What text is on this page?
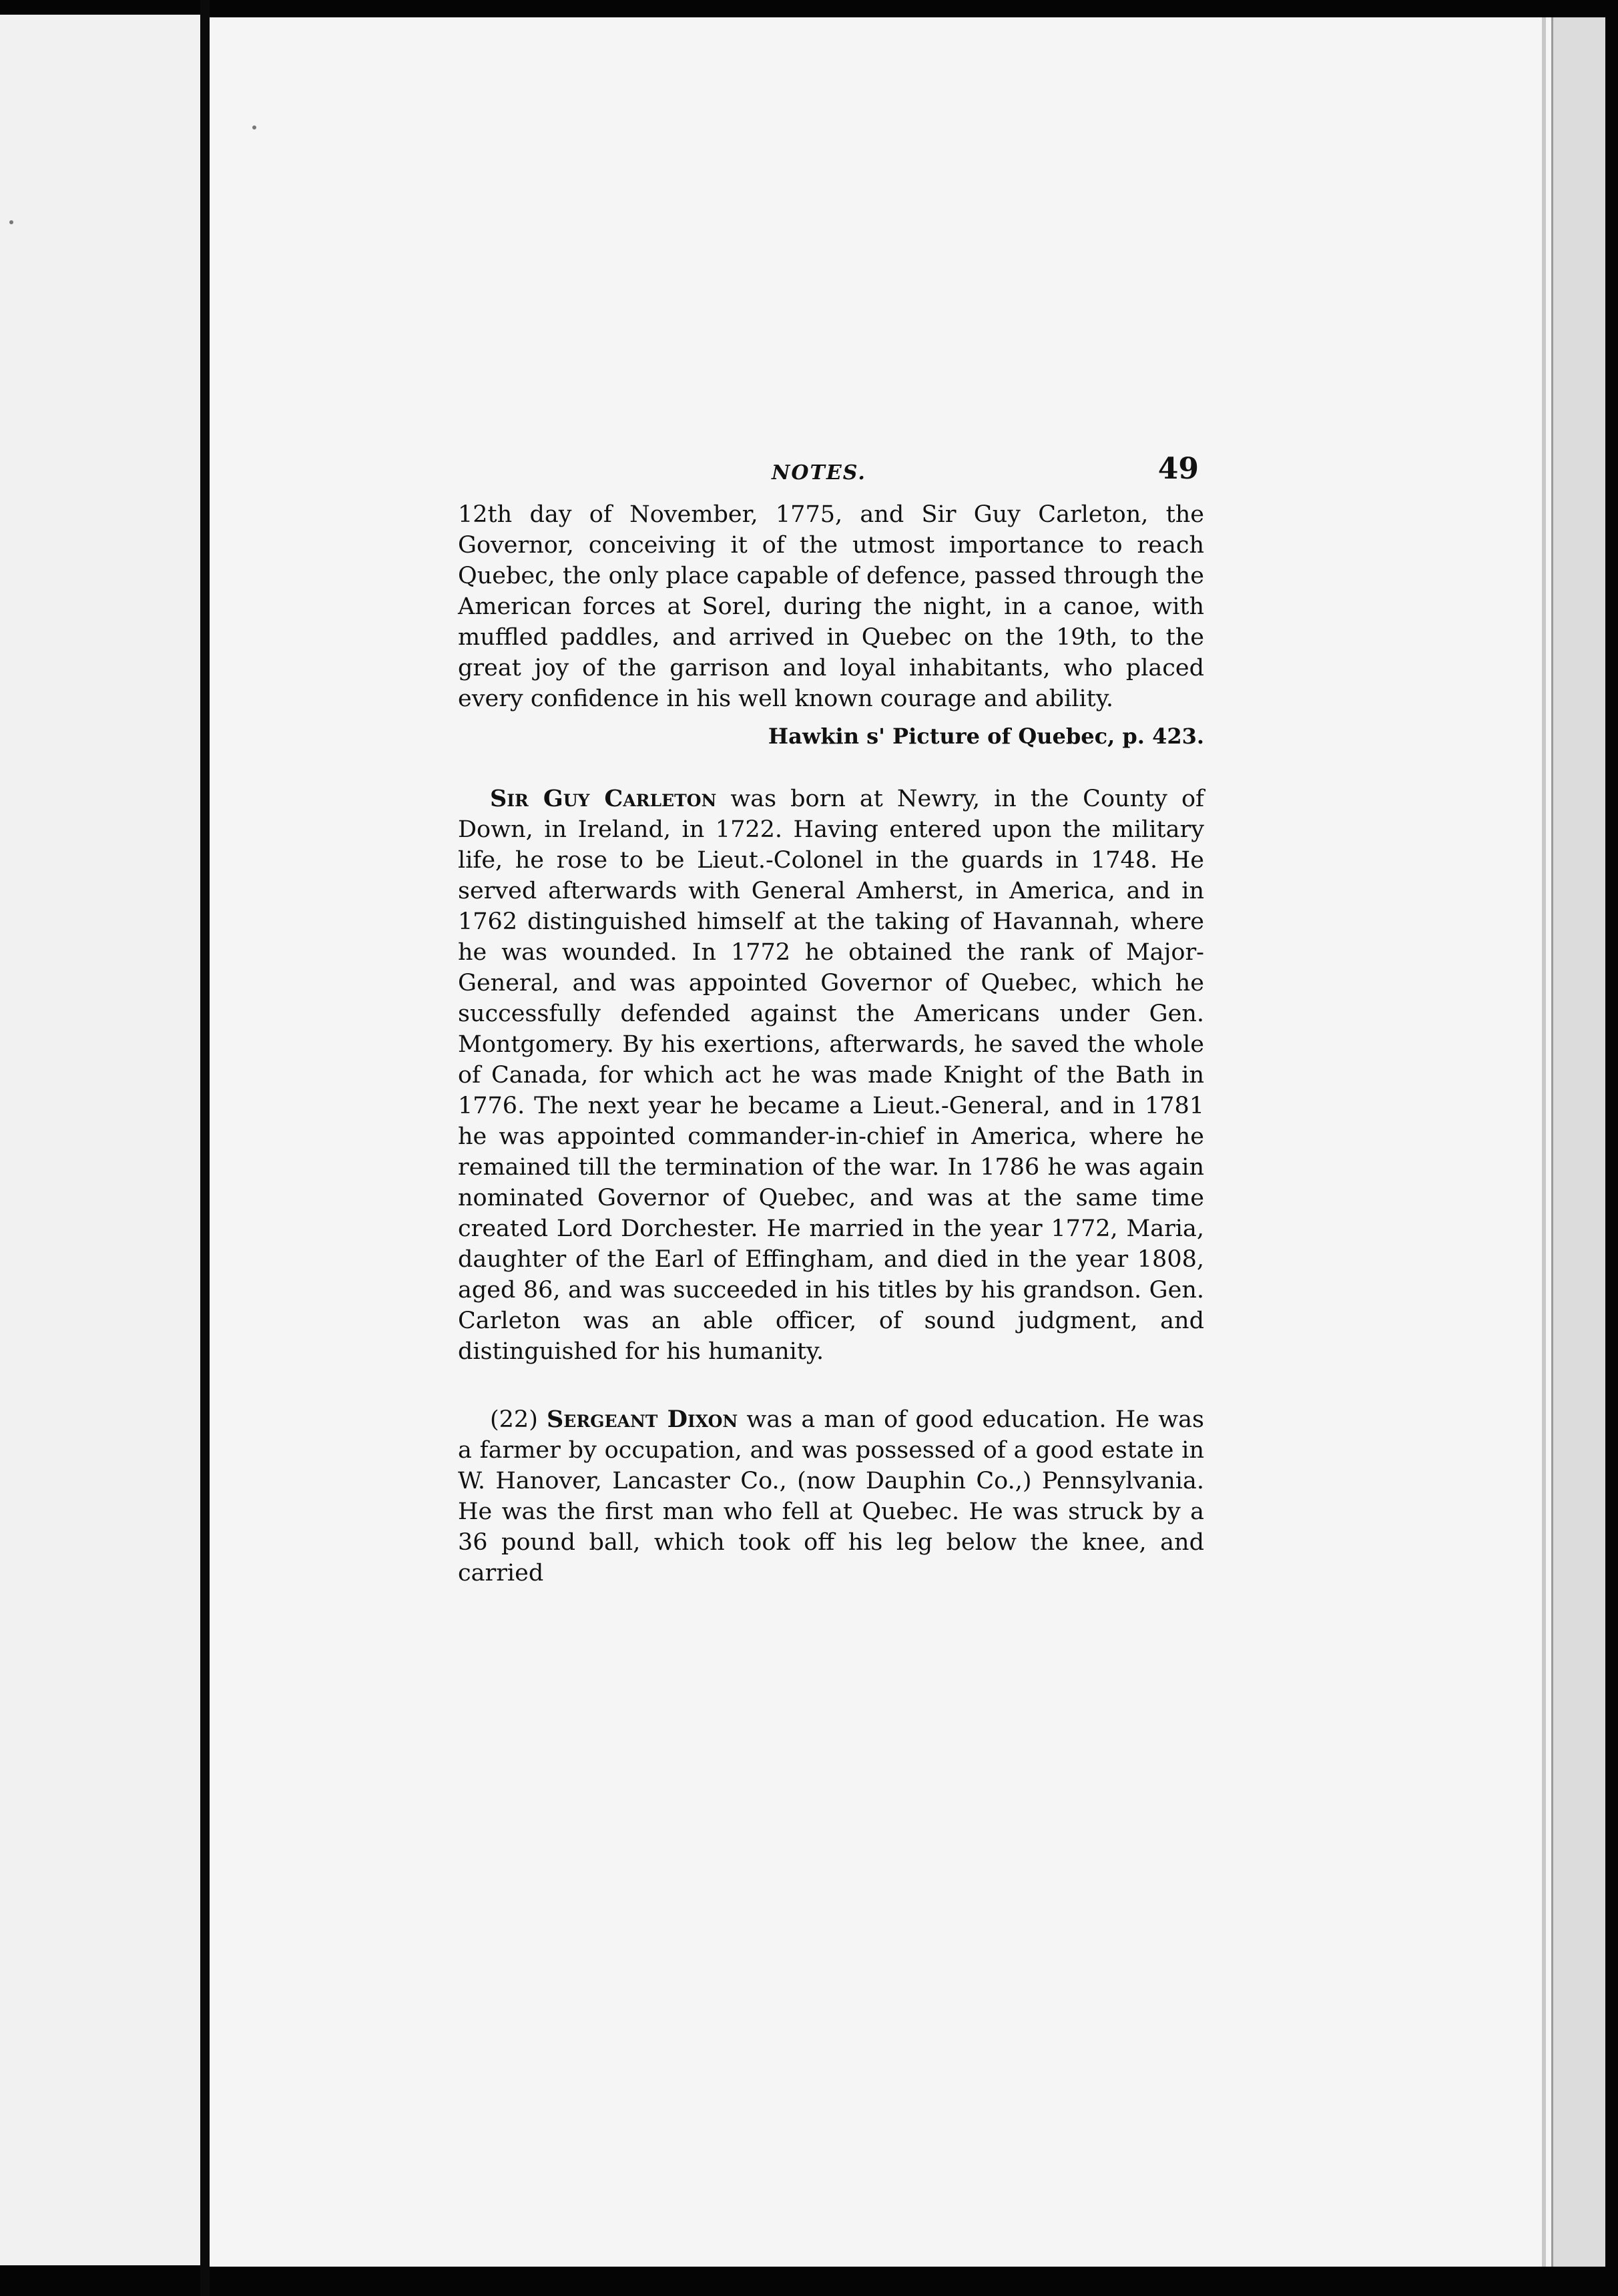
NOTES.	49

12th day of November, 1775, and Sir Guy Carleton, the Governor, conceiving it of the utmost importance to reach Quebec, the only place capable of defence, passed through the American forces at Sorel, during the night, in a canoe, with muffled paddles, and arrived in Quebec on the 19th, to the great joy of the garrison and loyal inhabitants, who placed every confidence in his well known courage and ability.

Hawkin s' Picture of Quebec, p. 423.

Sir Guy Carleton was born at Newry, in the County of Down, in Ireland, in 1722. Having entered upon the military life, he rose to be Lieut.-Colonel in the guards in 1748. He served afterwards with General Amherst, in America, and in 1762 distinguished himself at the taking of Havannah, where he was wounded. In 1772 he obtained the rank of Major-General, and was appointed Governor of Quebec, which he successfully defended against the Americans under Gen. Montgomery. By his exertions, afterwards, he saved the whole of Canada, for which act he was made Knight of the Bath in 1776. The next year he became a Lieut.-General, and in 1781 he was appointed commander-in-chief in America, where he remained till the termination of the war. In 1786 he was again nominated Governor of Quebec, and was at the same time created Lord Dorchester. He married in the year 1772, Maria, daughter of the Earl of Effingham, and died in the year 1808, aged 86, and was succeeded in his titles by his grandson. Gen. Carleton was an able officer, of sound judgment, and distinguished for his humanity.

(22) Sergeant Dixon was a man of good education. He was a farmer by occupation, and was possessed of a good estate in W. Hanover, Lancaster Co., (now Dauphin Co.,) Pennsylvania. He was the first man who fell at Quebec. He was struck by a 36 pound ball, which took off his leg below the knee, and carried
